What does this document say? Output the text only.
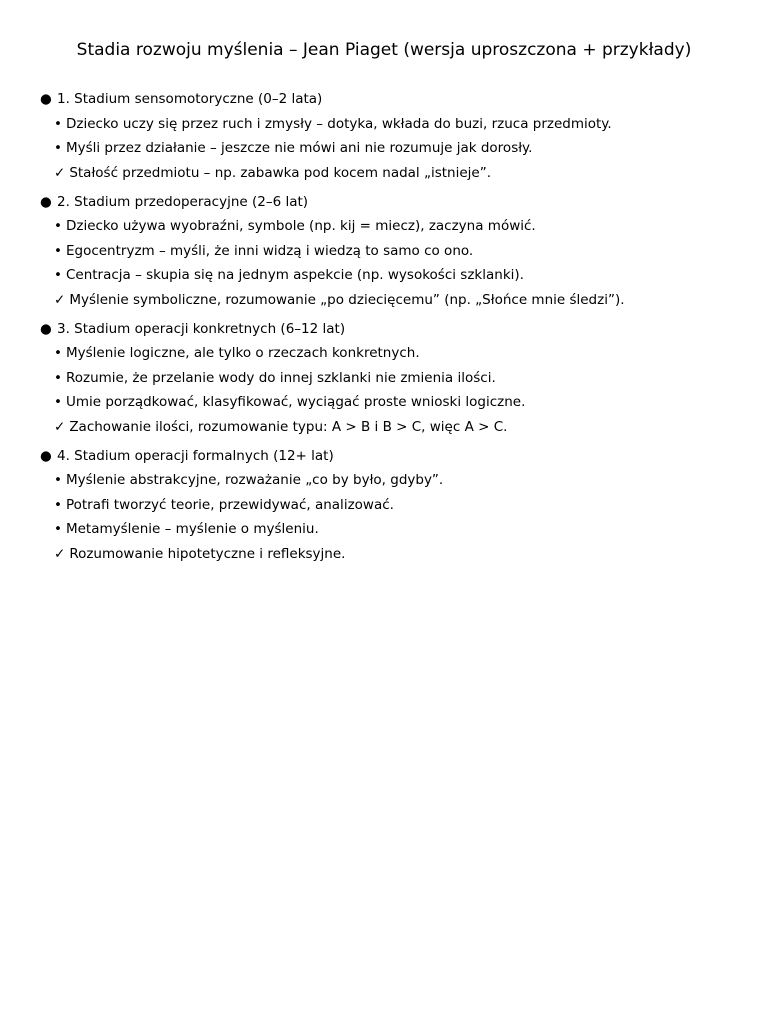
Stadia rozwoju myślenia – Jean Piaget (wersja uproszczona + przykłady)
● 1. Stadium sensomotoryczne (0–2 lata)
• Dziecko uczy się przez ruch i zmysły – dotyka, wkłada do buzi, rzuca przedmioty.
• Myśli przez działanie – jeszcze nie mówi ani nie rozumuje jak dorosły.
✓ Stałość przedmiotu – np. zabawka pod kocem nadal „istnieje”.
● 2. Stadium przedoperacyjne (2–6 lat)
• Dziecko używa wyobraźni, symbole (np. kij = miecz), zaczyna mówić.
• Egocentryzm – myśli, że inni widzą i wiedzą to samo co ono.
• Centracja – skupia się na jednym aspekcie (np. wysokości szklanki).
✓ Myślenie symboliczne, rozumowanie „po dziecięcemu” (np. „Słońce mnie śledzi”).
● 3. Stadium operacji konkretnych (6–12 lat)
• Myślenie logiczne, ale tylko o rzeczach konkretnych.
• Rozumie, że przelanie wody do innej szklanki nie zmienia ilości.
• Umie porządkować, klasyfikować, wyciągać proste wnioski logiczne.
✓ Zachowanie ilości, rozumowanie typu: A > B i B > C, więc A > C.
● 4. Stadium operacji formalnych (12+ lat)
• Myślenie abstrakcyjne, rozważanie „co by było, gdyby”.
• Potrafi tworzyć teorie, przewidywać, analizować.
• Metamyślenie – myślenie o myśleniu.
✓ Rozumowanie hipotetyczne i refleksyjne.
